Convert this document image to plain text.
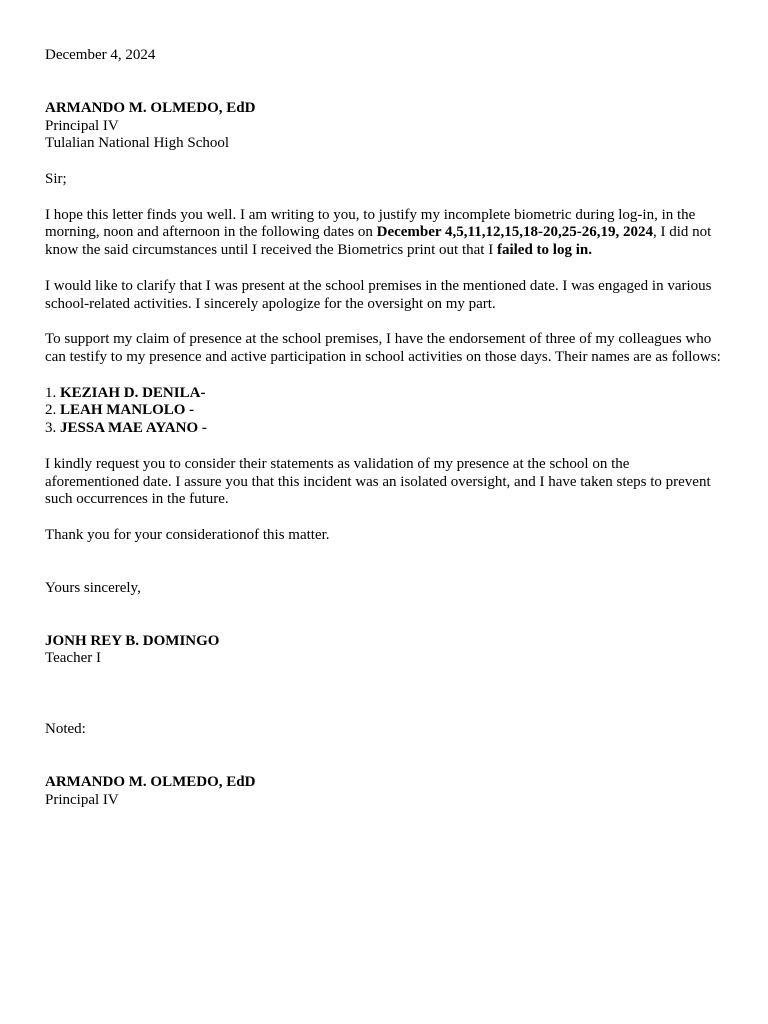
December 4, 2024

ARMANDO M. OLMEDO, EdD

Principal IV

Tulalian National High School

Sir;

I hope this letter finds you well. I am writing to you, to justify my incomplete biometric during log-in, in the morning, noon and afternoon in the following dates on December 4,5,11,12,15,18-20,25-26,19, 2024, I did not know the said circumstances until I received the Biometrics print out that I failed to log in.

I would like to clarify that I was present at the school premises in the mentioned date. I was engaged in various school-related activities. I sincerely apologize for the oversight on my part.

To support my claim of presence at the school premises, I have the endorsement of three of my colleagues who can testify to my presence and active participation in school activities on those days. Their names are as follows:

1. KEZIAH D. DENILA-

2. LEAH MANLOLO -

3. JESSA MAE AYANO -

I kindly request you to consider their statements as validation of my presence at the school on the aforementioned date. I assure you that this incident was an isolated oversight, and I have taken steps to prevent such occurrences in the future.

Thank you for your considerationof this matter.

Yours sincerely,

JONH REY B. DOMINGO

Teacher I

Noted:

ARMANDO M. OLMEDO, EdD

Principal IV
